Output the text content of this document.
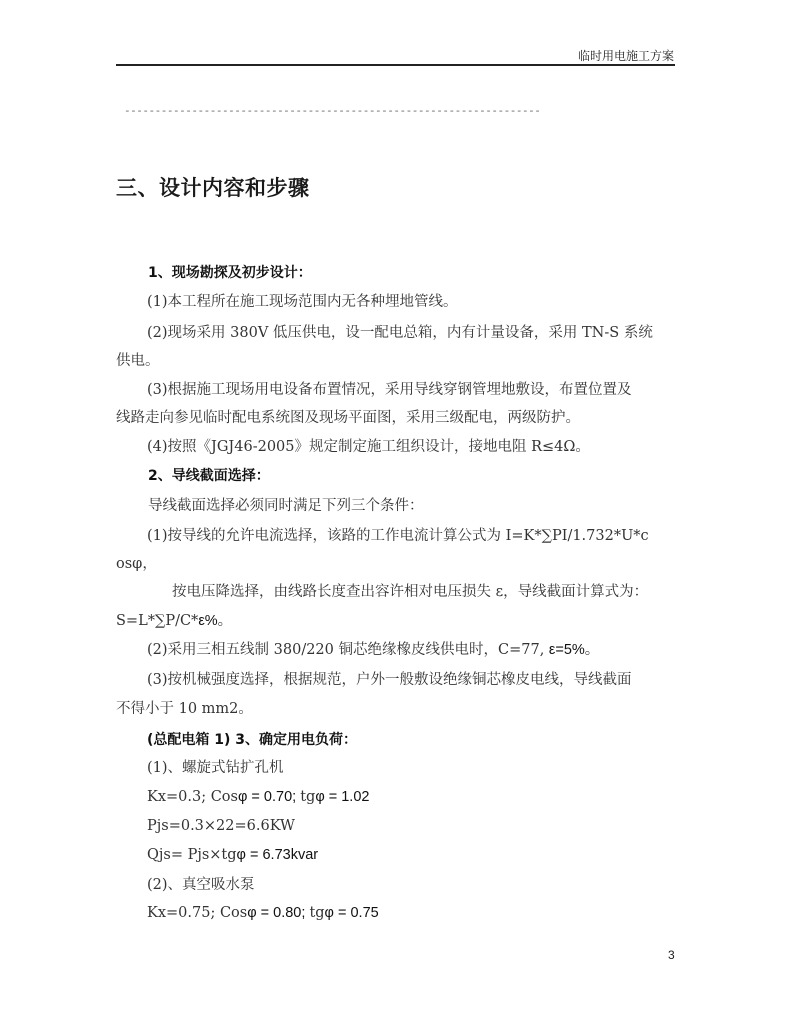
临时用电施工方案
--------------------------------------------------------------------
三、设计内容和步骤
1、现场勘探及初步设计：
(1)本工程所在施工现场范围内无各种埋地管线。
(2)现场采用 380V 低压供电，设一配电总箱，内有计量设备，采用 TN-S 系统
供电。
(3)根据施工现场用电设备布置情况，采用导线穿钢管埋地敷设，布置位置及
线路走向参见临时配电系统图及现场平面图，采用三级配电，两级防护。
(4)按照《JGJ46-2005》规定制定施工组织设计，接地电阻 R≤4Ω。
2、导线截面选择：
导线截面选择必须同时满足下列三个条件：
(1)按导线的允许电流选择，该路的工作电流计算公式为 I=K*∑PI/1.732*U*c
osφ，
按电压降选择，由线路长度查出容许相对电压损失 ε，导线截面计算式为：
S=L*∑P/C*ε%。
(2)采用三相五线制 380/220 铜芯绝缘橡皮线供电时，C=77, ε=5%。
(3)按机械强度选择，根据规范，户外一般敷设绝缘铜芯橡皮电线，导线截面
不得小于 10 mm2。
(总配电箱 1) 3、确定用电负荷：
(1)、螺旋式钻扩孔机
Kx=0.3; Cosφ = 0.70; tgφ = 1.02
Pjs=0.3×22=6.6KW
Qjs= Pjs×tgφ = 6.73kvar
(2)、真空吸水泵
Kx=0.75; Cosφ = 0.80; tgφ = 0.75
3
